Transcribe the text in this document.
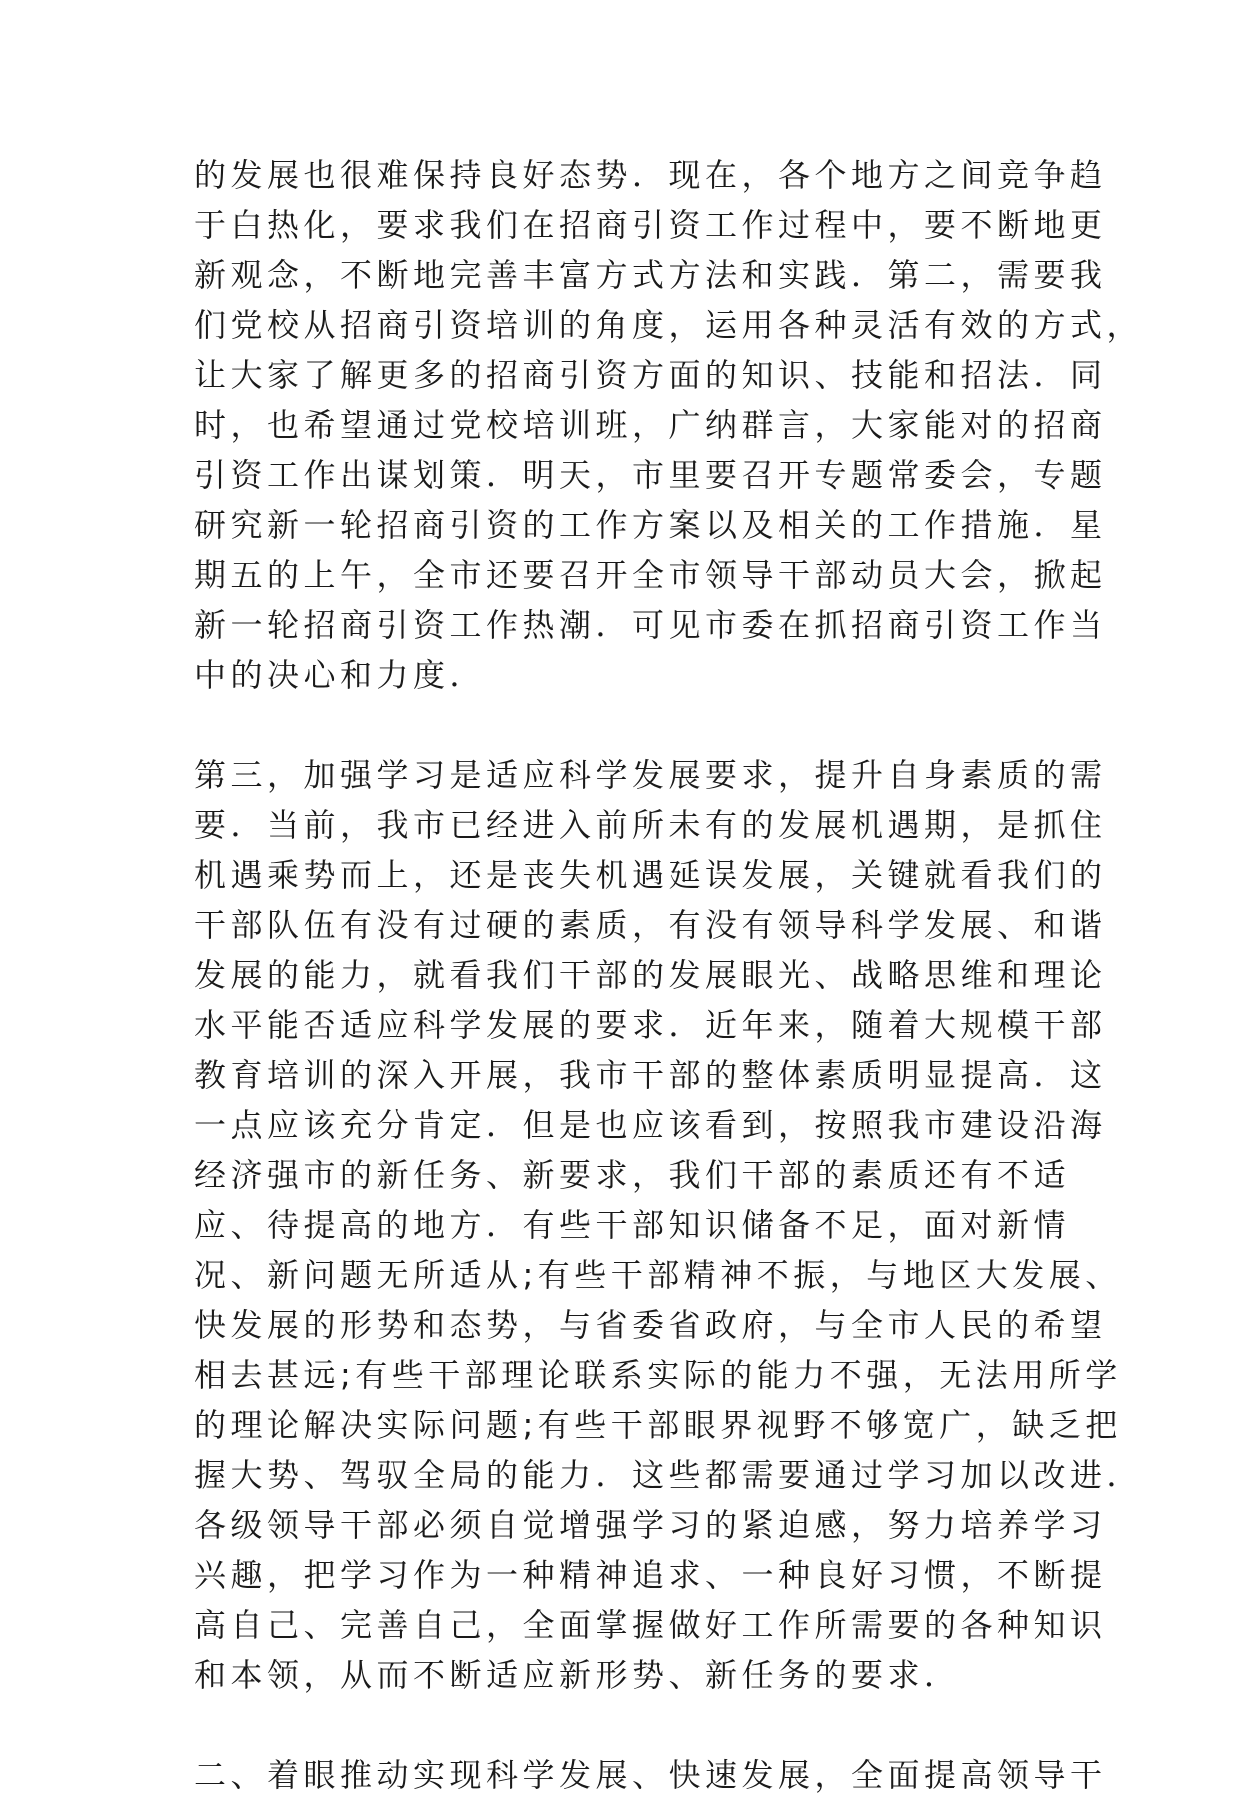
的发展也很难保持良好态势．现在，各个地方之间竞争趋
于白热化，要求我们在招商引资工作过程中，要不断地更
新观念，不断地完善丰富方式方法和实践．第二，需要我
们党校从招商引资培训的角度，运用各种灵活有效的方式，
让大家了解更多的招商引资方面的知识、技能和招法．同
时，也希望通过党校培训班，广纳群言，大家能对的招商
引资工作出谋划策．明天，市里要召开专题常委会，专题
研究新一轮招商引资的工作方案以及相关的工作措施．星
期五的上午，全市还要召开全市领导干部动员大会，掀起
新一轮招商引资工作热潮．可见市委在抓招商引资工作当
中的决心和力度．
第三，加强学习是适应科学发展要求，提升自身素质的需
要．当前，我市已经进入前所未有的发展机遇期，是抓住
机遇乘势而上，还是丧失机遇延误发展，关键就看我们的
干部队伍有没有过硬的素质，有没有领导科学发展、和谐
发展的能力，就看我们干部的发展眼光、战略思维和理论
水平能否适应科学发展的要求．近年来，随着大规模干部
教育培训的深入开展，我市干部的整体素质明显提高．这
一点应该充分肯定．但是也应该看到，按照我市建设沿海
经济强市的新任务、新要求，我们干部的素质还有不适
应、待提高的地方．有些干部知识储备不足，面对新情
况、新问题无所适从;有些干部精神不振，与地区大发展、
快发展的形势和态势，与省委省政府，与全市人民的希望
相去甚远;有些干部理论联系实际的能力不强，无法用所学
的理论解决实际问题;有些干部眼界视野不够宽广，缺乏把
握大势、驾驭全局的能力．这些都需要通过学习加以改进．
各级领导干部必须自觉增强学习的紧迫感，努力培养学习
兴趣，把学习作为一种精神追求、一种良好习惯，不断提
高自己、完善自己，全面掌握做好工作所需要的各种知识
和本领，从而不断适应新形势、新任务的要求．
二、着眼推动实现科学发展、快速发展，全面提高领导干
